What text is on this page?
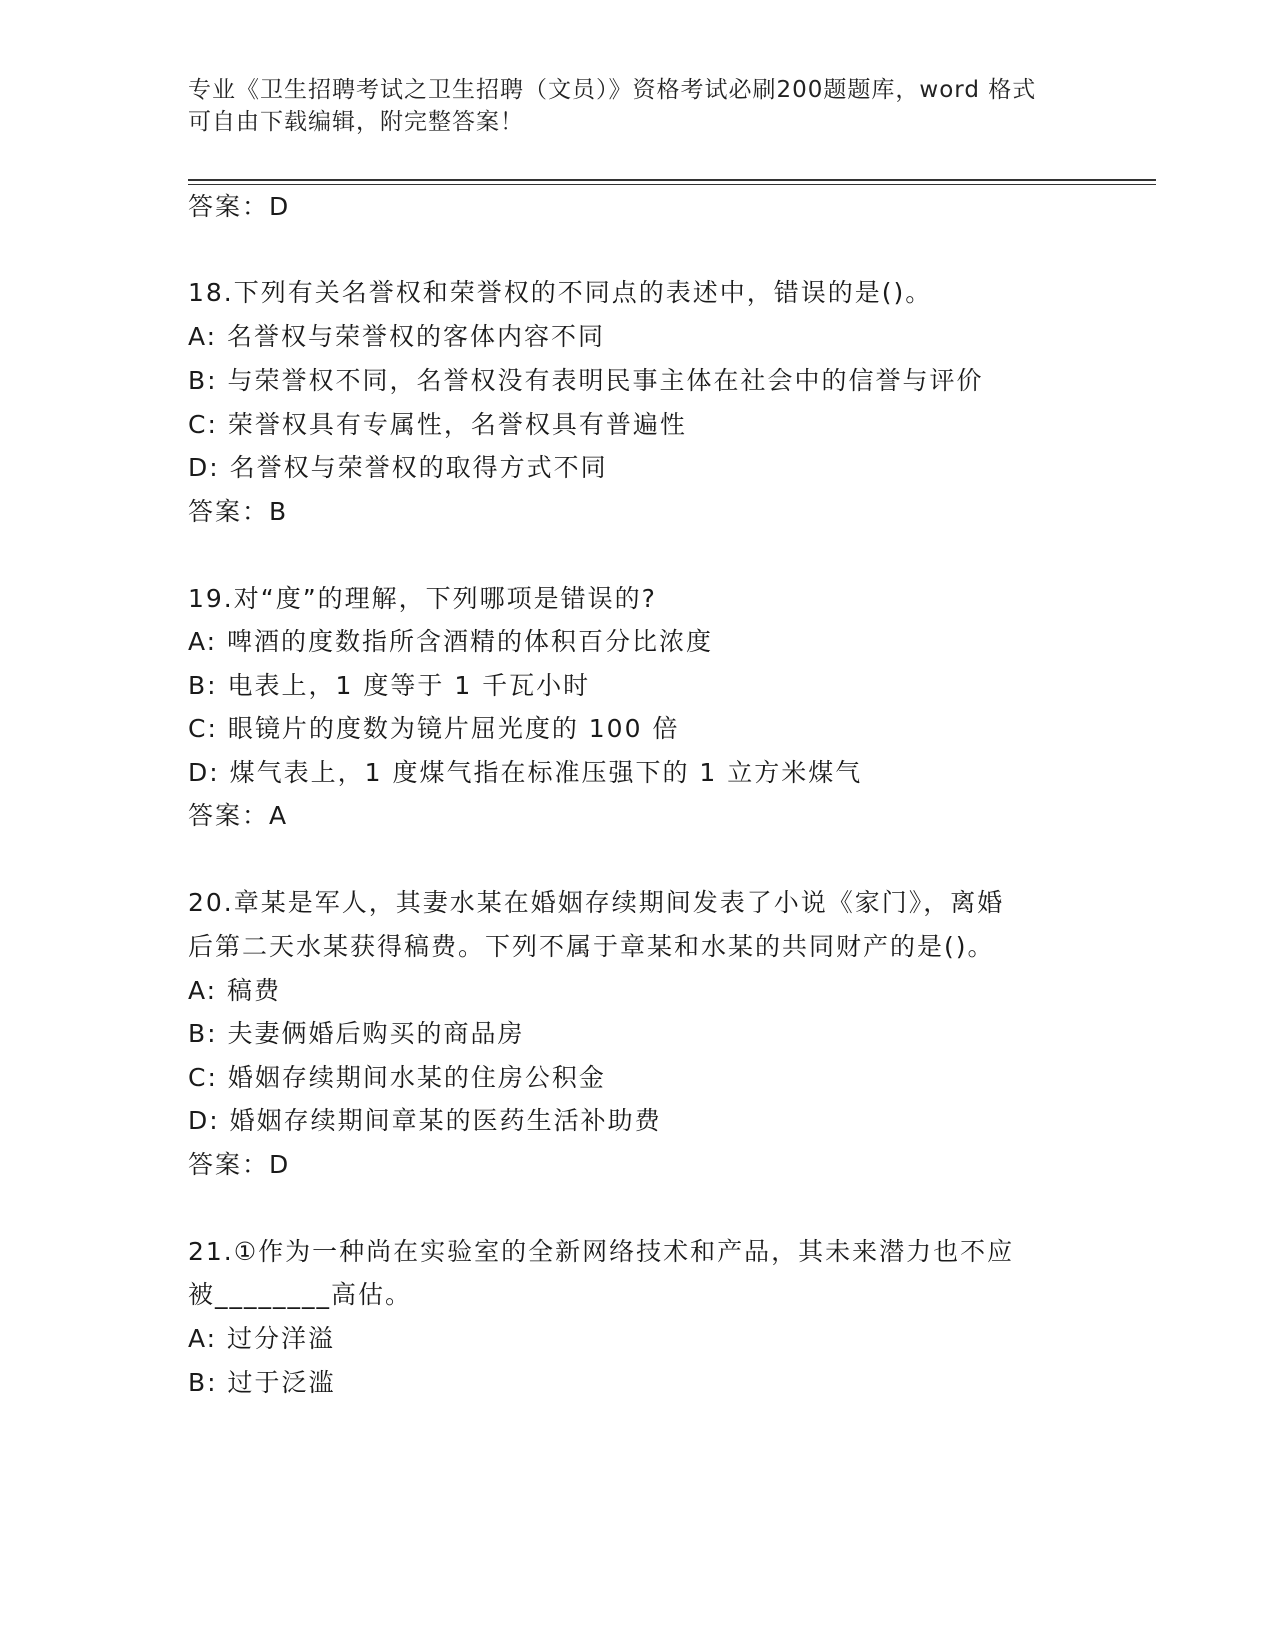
专业《卫生招聘考试之卫生招聘（文员）》资格考试必刷200题题库，word 格式
可自由下载编辑，附完整答案！
答案：D
18.下列有关名誉权和荣誉权的不同点的表述中，错误的是()。
A: 名誉权与荣誉权的客体内容不同
B: 与荣誉权不同，名誉权没有表明民事主体在社会中的信誉与评价
C: 荣誉权具有专属性，名誉权具有普遍性
D: 名誉权与荣誉权的取得方式不同
答案：B
19.对“度”的理解，下列哪项是错误的?
A: 啤酒的度数指所含酒精的体积百分比浓度
B: 电表上，1 度等于 1 千瓦小时
C: 眼镜片的度数为镜片屈光度的 100 倍
D: 煤气表上，1 度煤气指在标准压强下的 1 立方米煤气
答案：A
20.章某是军人，其妻水某在婚姻存续期间发表了小说《家门》，离婚
后第二天水某获得稿费。下列不属于章某和水某的共同财产的是()。
A: 稿费
B: 夫妻俩婚后购买的商品房
C: 婚姻存续期间水某的住房公积金
D: 婚姻存续期间章某的医药生活补助费
答案：D
21.①作为一种尚在实验室的全新网络技术和产品，其未来潜力也不应
被________高估。
A: 过分洋溢
B: 过于泛滥
